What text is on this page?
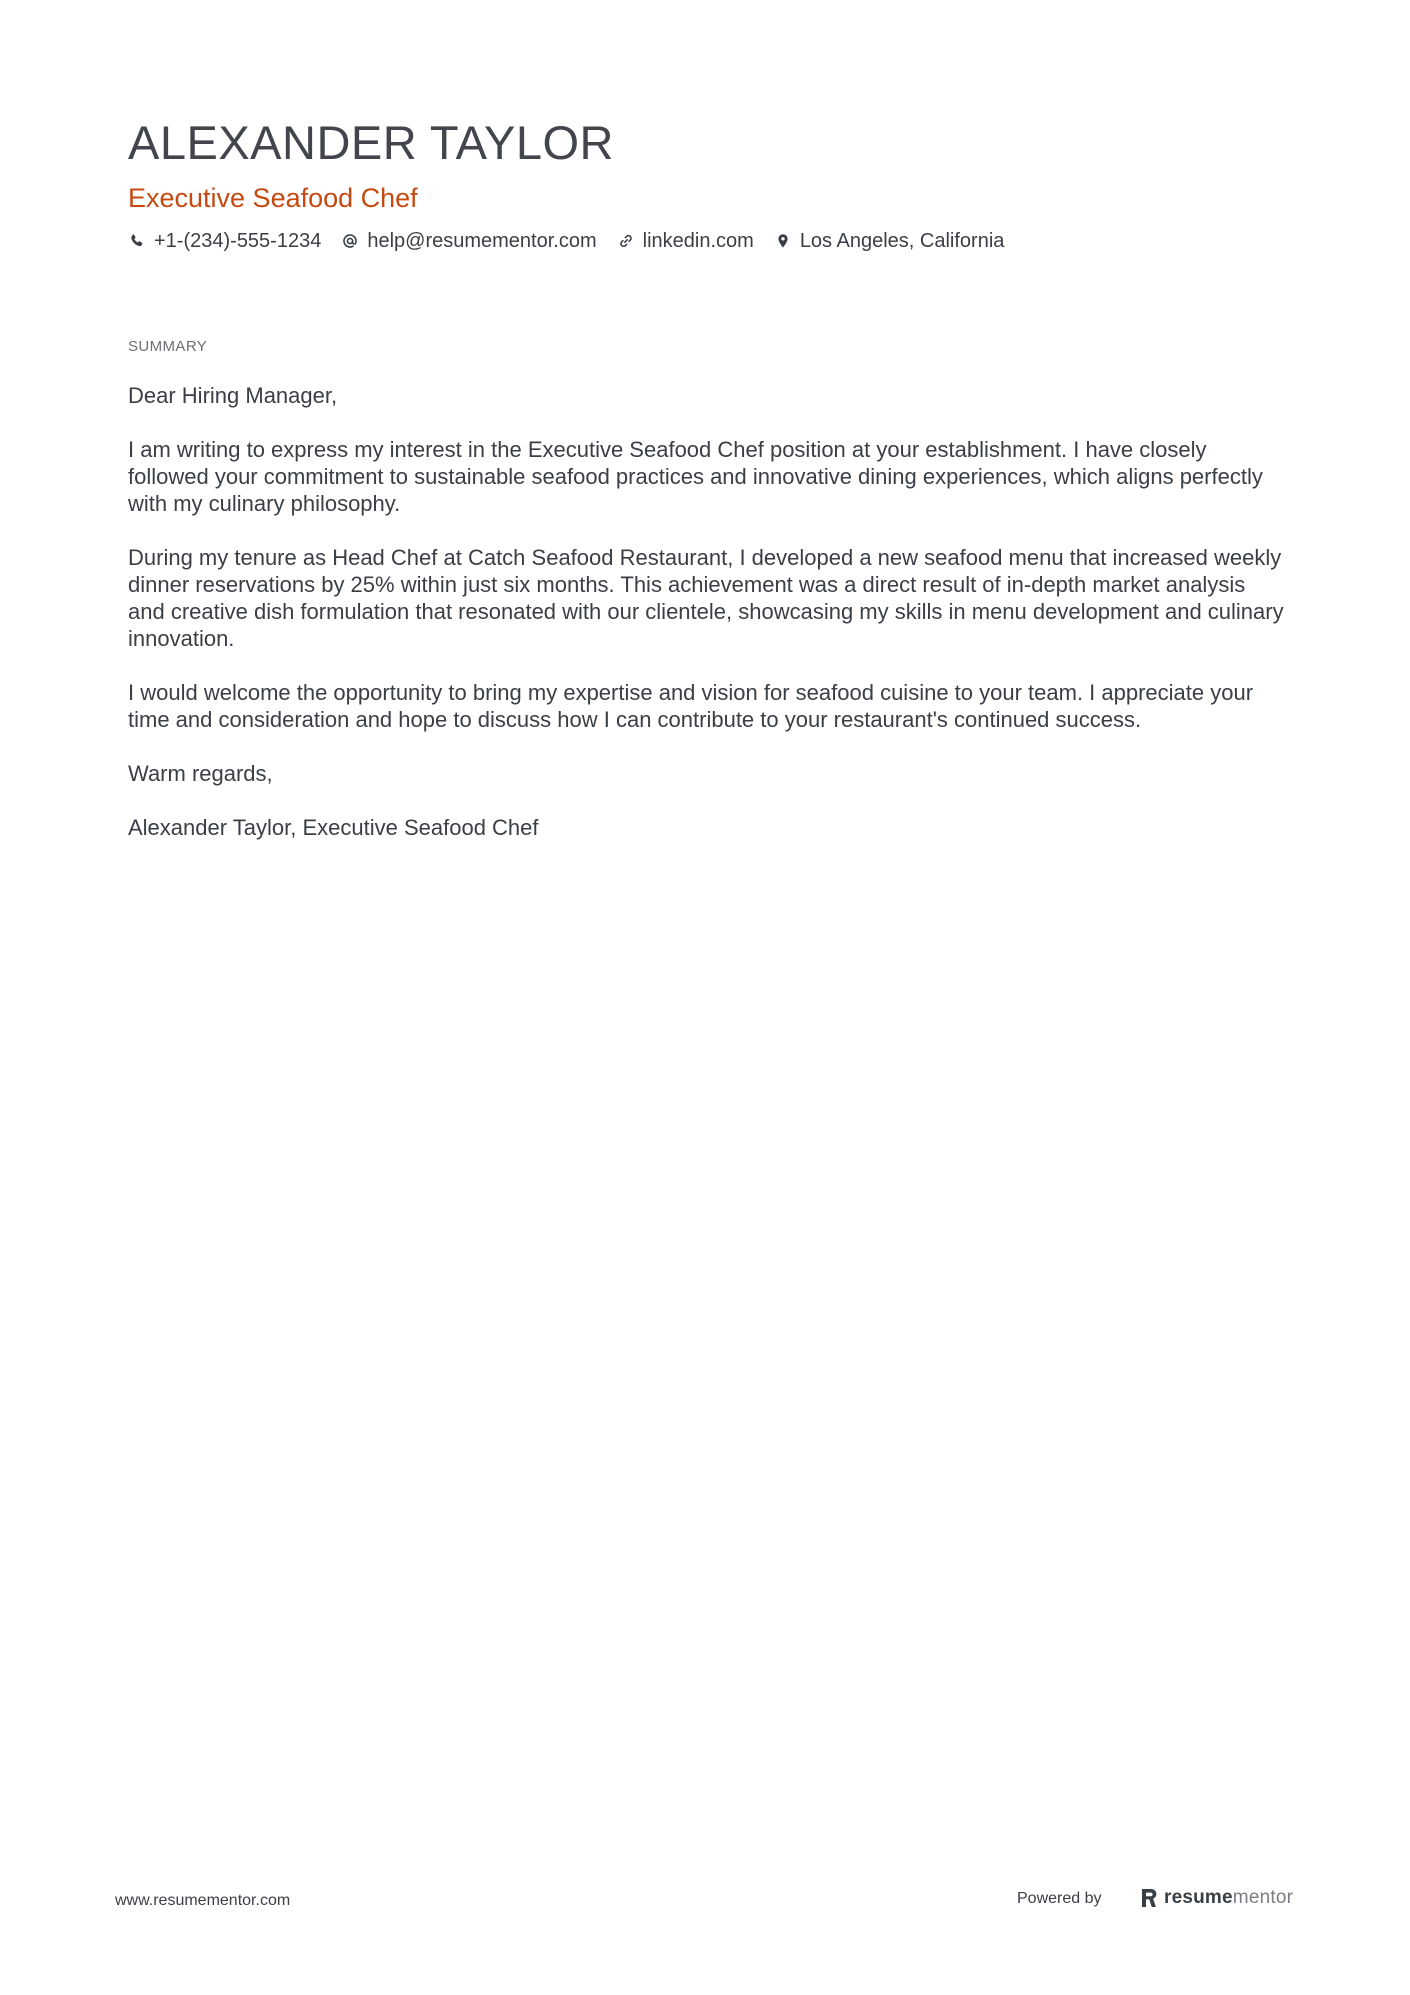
ALEXANDER TAYLOR
Executive Seafood Chef
+1-(234)-555-1234 help@resumementor.com linkedin.com Los Angeles, California
SUMMARY

Dear Hiring Manager,

I am writing to express my interest in the Executive Seafood Chef position at your establishment. I have closely followed your commitment to sustainable seafood practices and innovative dining experiences, which aligns perfectly with my culinary philosophy.

During my tenure as Head Chef at Catch Seafood Restaurant, I developed a new seafood menu that increased weekly dinner reservations by 25% within just six months. This achievement was a direct result of in-depth market analysis and creative dish formulation that resonated with our clientele, showcasing my skills in menu development and culinary innovation.

I would welcome the opportunity to bring my expertise and vision for seafood cuisine to your team. I appreciate your time and consideration and hope to discuss how I can contribute to your restaurant's continued success.

Warm regards,

Alexander Taylor, Executive Seafood Chef

www.resumementor.com	Powered by	resumementor
